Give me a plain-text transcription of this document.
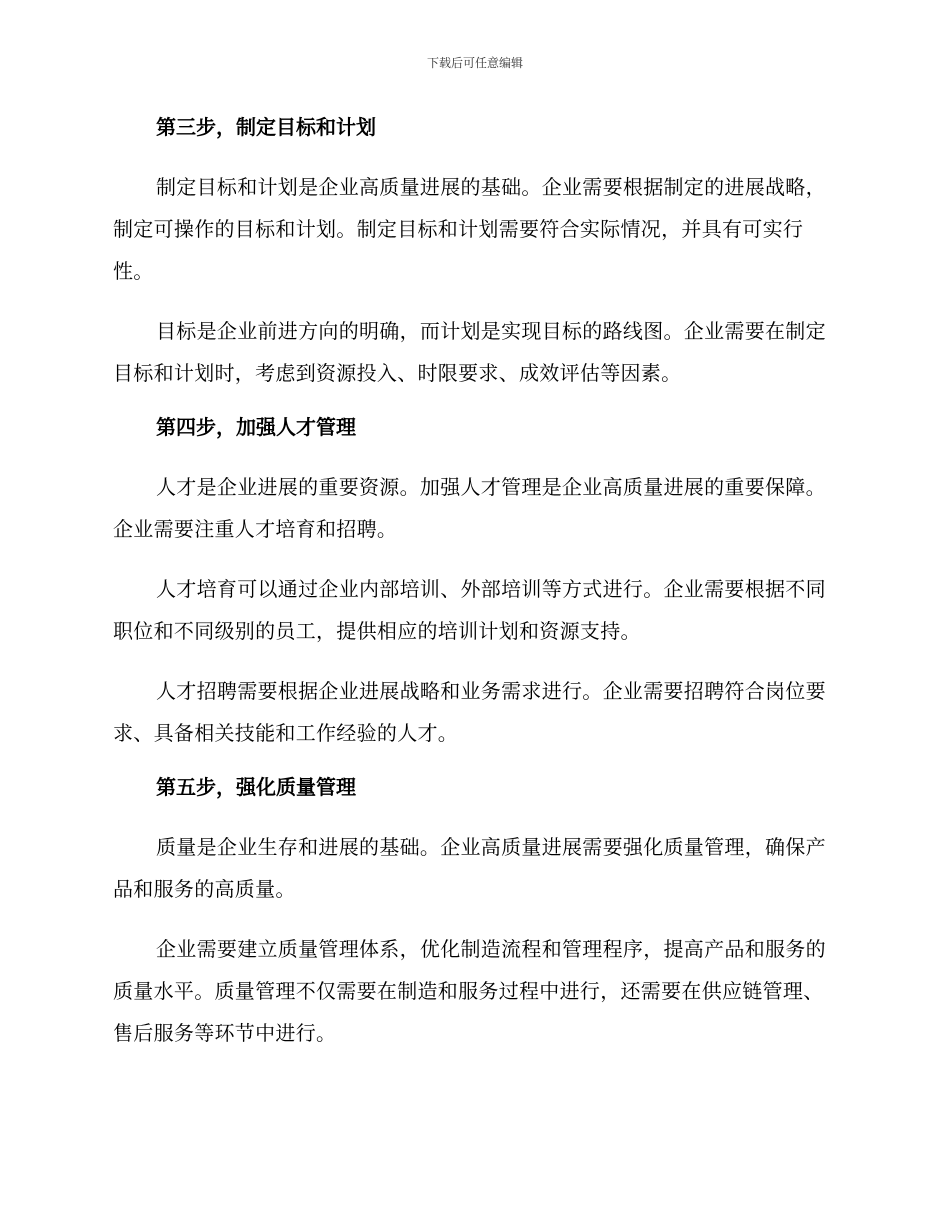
下载后可任意编辑
第三步，制定目标和计划

制定目标和计划是企业高质量进展的基础。企业需要根据制定的进展战略，制定可操作的目标和计划。制定目标和计划需要符合实际情况，并具有可实行性。

目标是企业前进方向的明确，而计划是实现目标的路线图。企业需要在制定目标和计划时，考虑到资源投入、时限要求、成效评估等因素。

第四步，加强人才管理

人才是企业进展的重要资源。加强人才管理是企业高质量进展的重要保障。企业需要注重人才培育和招聘。

人才培育可以通过企业内部培训、外部培训等方式进行。企业需要根据不同职位和不同级别的员工，提供相应的培训计划和资源支持。

人才招聘需要根据企业进展战略和业务需求进行。企业需要招聘符合岗位要求、具备相关技能和工作经验的人才。

第五步，强化质量管理

质量是企业生存和进展的基础。企业高质量进展需要强化质量管理，确保产品和服务的高质量。

企业需要建立质量管理体系，优化制造流程和管理程序，提高产品和服务的质量水平。质量管理不仅需要在制造和服务过程中进行，还需要在供应链管理、售后服务等环节中进行。
